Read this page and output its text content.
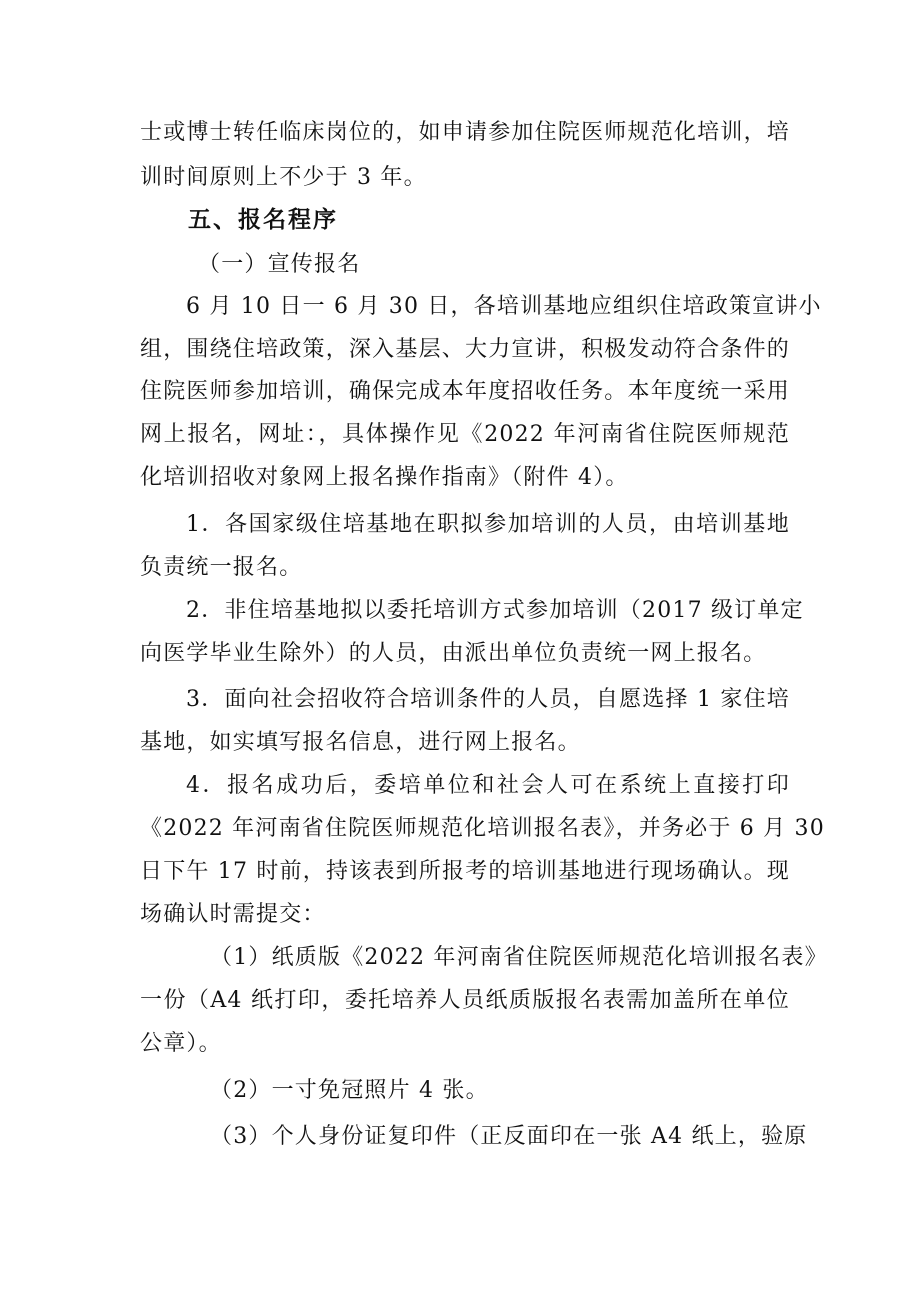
士或博士转任临床岗位的，如申请参加住院医师规范化培训，培
训时间原则上不少于 3 年。
五、报名程序
（一）宣传报名
6 月 10 日一 6 月 30 日，各培训基地应组织住培政策宣讲小
组，围绕住培政策，深入基层、大力宣讲，积极发动符合条件的
住院医师参加培训，确保完成本年度招收任务。本年度统一采用
网上报名，网址：，具体操作见《2022 年河南省住院医师规范
化培训招收对象网上报名操作指南》（附件 4）。
1．各国家级住培基地在职拟参加培训的人员，由培训基地
负责统一报名。
2．非住培基地拟以委托培训方式参加培训（2017 级订单定
向医学毕业生除外）的人员，由派出单位负责统一网上报名。
3．面向社会招收符合培训条件的人员，自愿选择 1 家住培
基地，如实填写报名信息，进行网上报名。
4．报名成功后，委培单位和社会人可在系统上直接打印
《2022 年河南省住院医师规范化培训报名表》，并务必于 6 月 30
日下午 17 时前，持该表到所报考的培训基地进行现场确认。现
场确认时需提交：
（1）纸质版《2022 年河南省住院医师规范化培训报名表》
一份（A4 纸打印，委托培养人员纸质版报名表需加盖所在单位
公章）。
（2）一寸免冠照片 4 张。
（3）个人身份证复印件（正反面印在一张 A4 纸上，验原
